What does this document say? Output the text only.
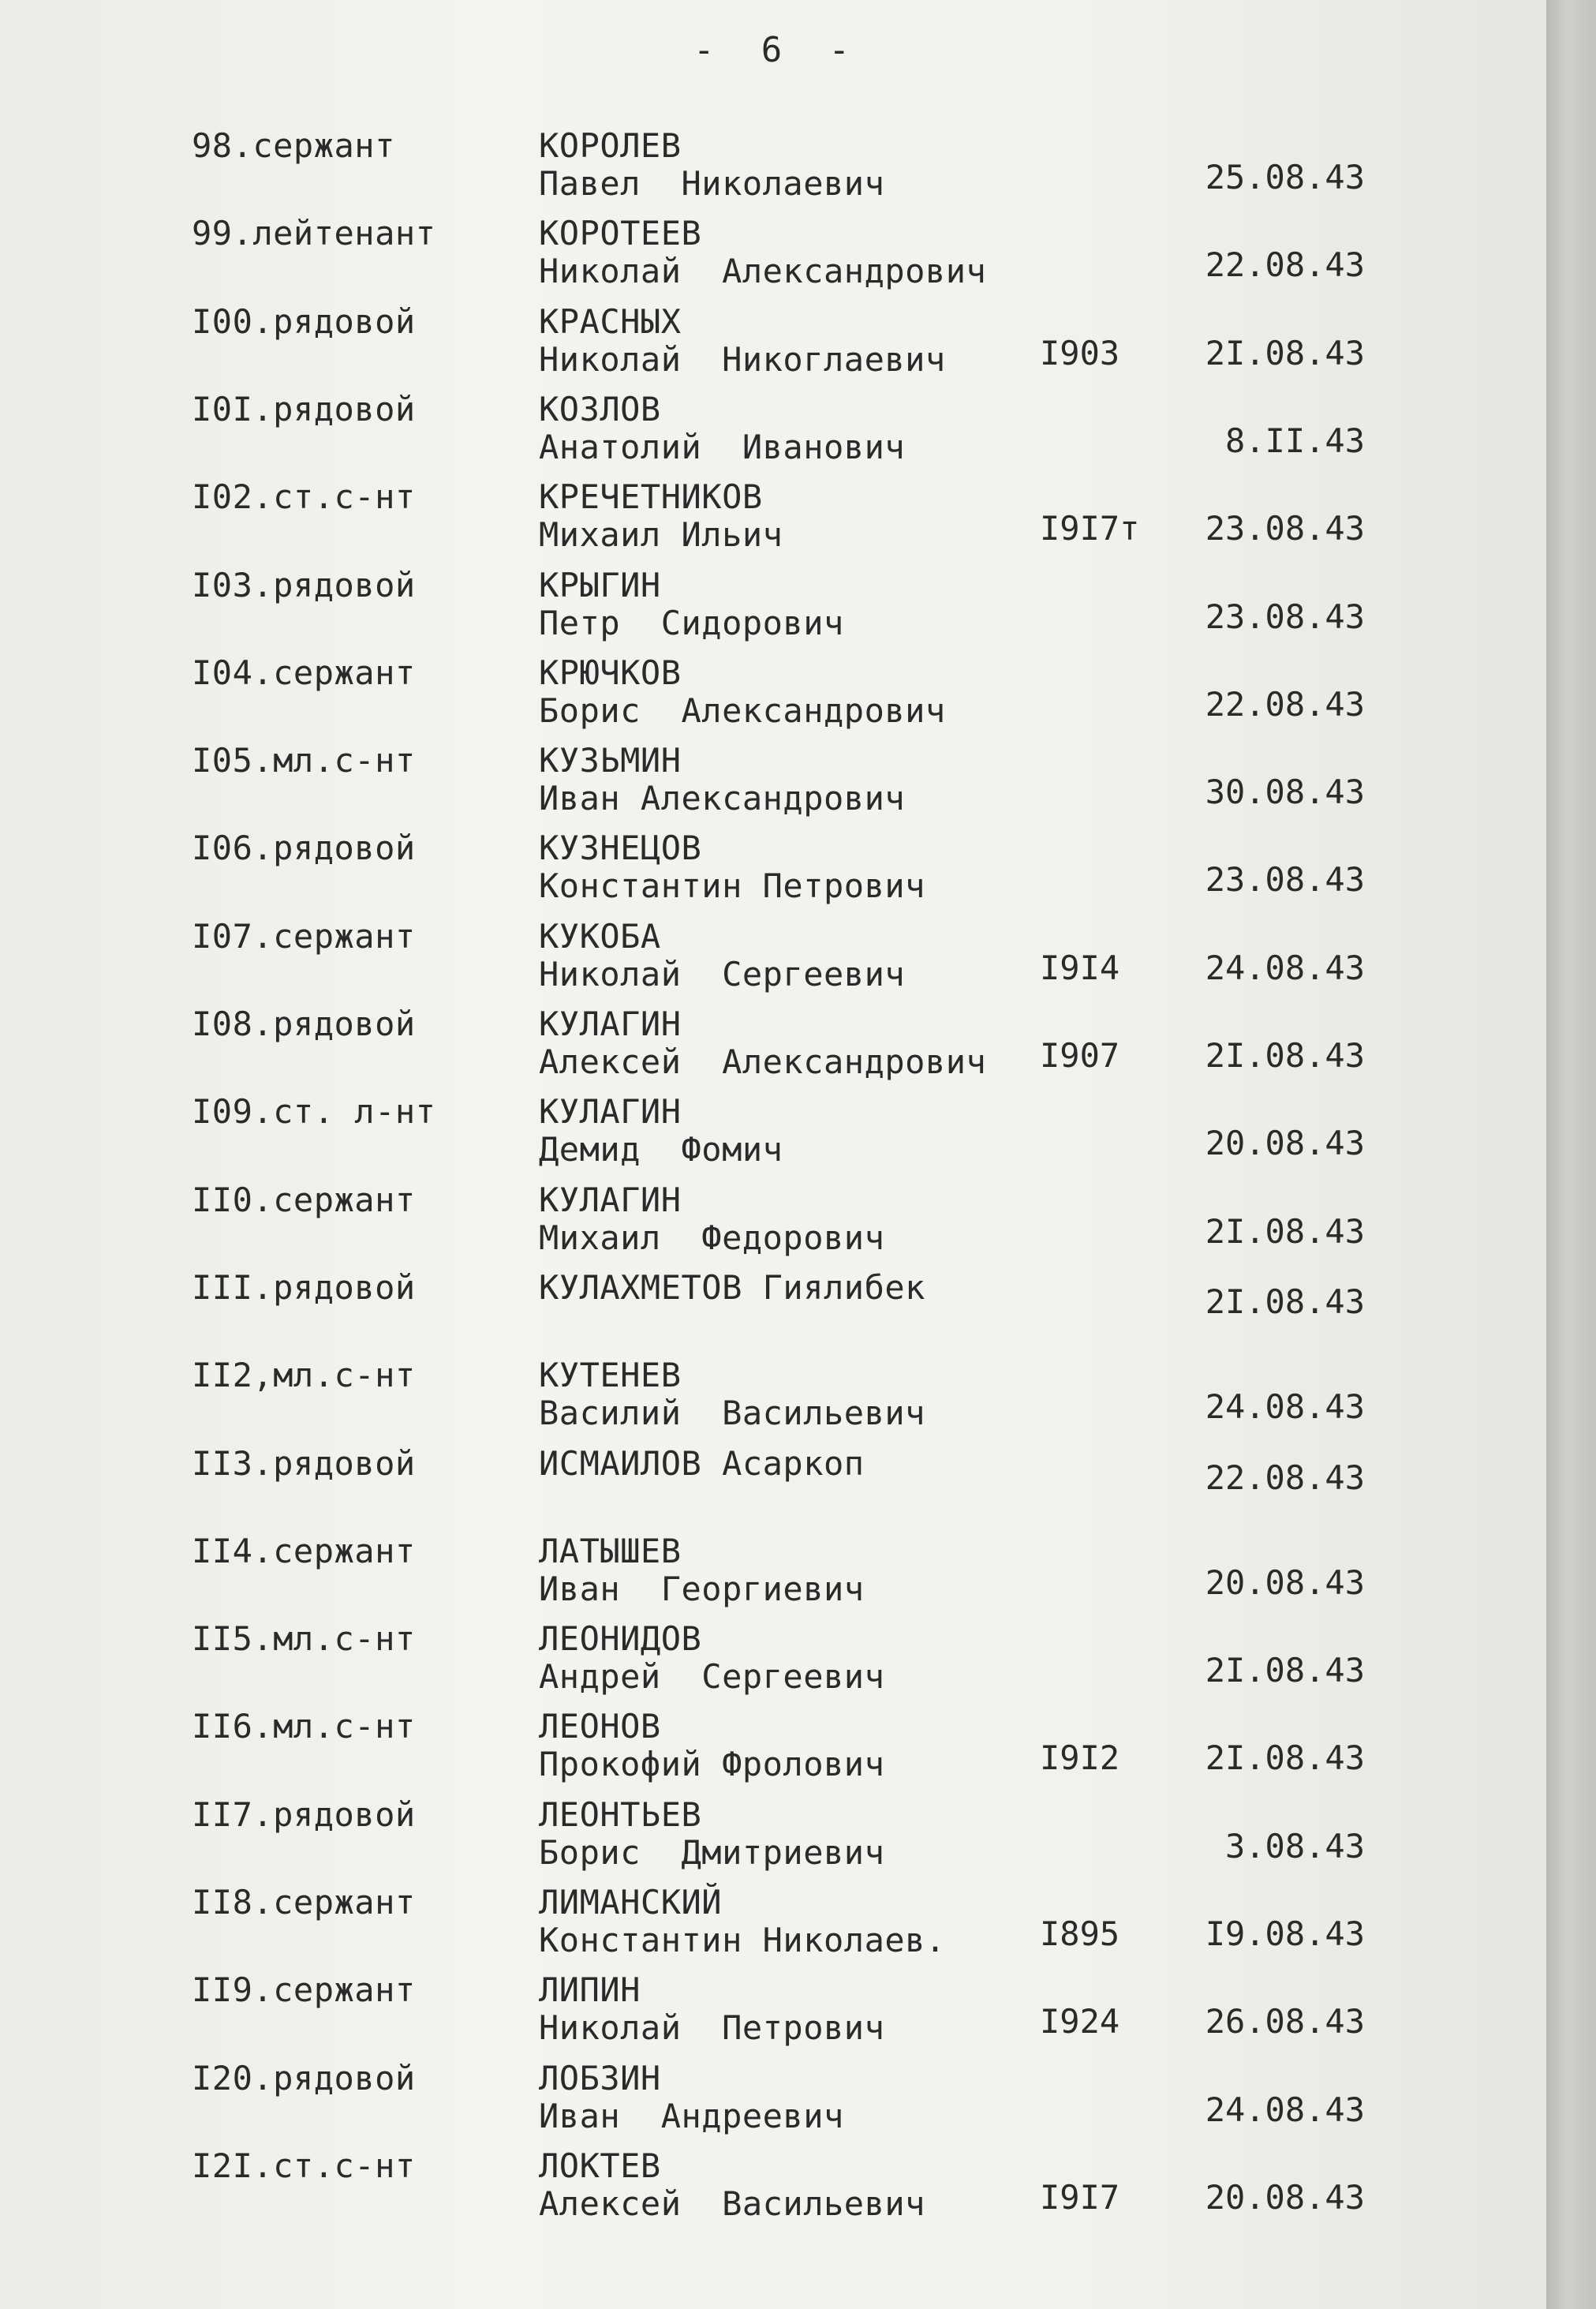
- 6 -
98.сержант	КОРОЛЕВ
Павел  Николаевич	25.08.43
99.лейтенант	КОРОТЕЕВ
Николай  Александрович	22.08.43
I00.рядовой	КРАСНЫХ
Николай  Никоглаевич	I903	2I.08.43
I0I.рядовой	КОЗЛОВ
Анатолий  Иванович	8.II.43
I02.ст.с-нт	КРЕЧЕТНИКОВ
Михаил Ильич	I9I7т 23.08.43
I03.рядовой	КРЫГИН
Петр  Сидорович	23.08.43
I04.сержант	КРЮЧКОВ
Борис  Александрович	22.08.43
I05.мл.с-нт	КУЗЬМИН
Иван Александрович	30.08.43
I06.рядовой	КУЗНЕЦОВ
Константин Петрович	23.08.43
I07.сержант	КУКОБА
Николай  Сергеевич	I9I4	24.08.43
I08.рядовой	КУЛАГИН
Алексей  Александрович I907	2I.08.43
I09.ст. л-нт	КУЛАГИН
Демид  Фомич	20.08.43
II0.сержант	КУЛАГИН
Михаил  Федорович	2I.08.43
III.рядовой	КУЛАХМЕТОВ Гиялибек	2I.08.43
II2,мл.с-нт	КУТЕНЕВ
Василий  Васильевич	24.08.43
II3.рядовой	ИСМАИЛОВ Асаркоп	22.08.43
II4.сержант	ЛАТЫШЕВ
Иван  Георгиевич	20.08.43
II5.мл.с-нт	ЛЕОНИДОВ
Андрей  Сергеевич	2I.08.43
II6.мл.с-нт	ЛЕОНОВ
Прокофий Фролович	I9I2	2I.08.43
II7.рядовой	ЛЕОНТЬЕВ
Борис  Дмитриевич	3.08.43
II8.сержант	ЛИМАНСКИЙ
Константин Николаев.	I895	I9.08.43
II9.сержант	ЛИПИН
Николай  Петрович	I924	26.08.43
I20.рядовой	ЛОБЗИН
Иван  Андреевич	24.08.43
I2I.ст.с-нт	ЛОКТЕВ
Алексей  Васильевич	I9I7	20.08.43
